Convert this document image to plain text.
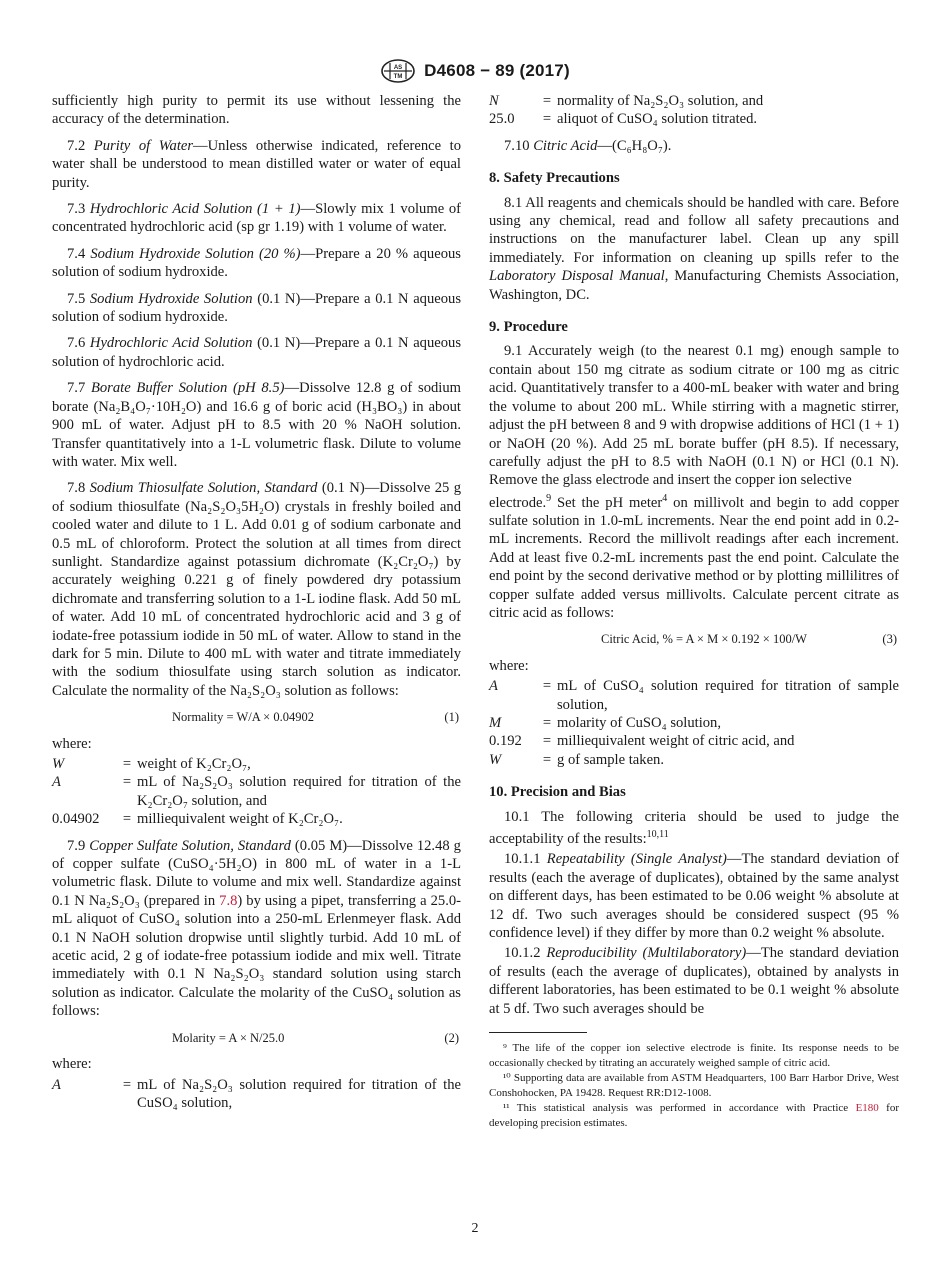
AS
TM D4608 − 89 (2017)

sufficiently high purity to permit its use without lessening the accuracy of the determination.

7.2 Purity of Water—Unless otherwise indicated, reference to water shall be understood to mean distilled water or water of equal purity.

7.3 Hydrochloric Acid Solution (1 + 1)—Slowly mix 1 volume of concentrated hydrochloric acid (sp gr 1.19) with 1 volume of water.

7.4 Sodium Hydroxide Solution (20 %)—Prepare a 20 % aqueous solution of sodium hydroxide.

7.5 Sodium Hydroxide Solution (0.1 N)—Prepare a 0.1 N aqueous solution of sodium hydroxide.

7.6 Hydrochloric Acid Solution (0.1 N)—Prepare a 0.1 N aqueous solution of hydrochloric acid.

7.7 Borate Buffer Solution (pH 8.5)—Dissolve 12.8 g of sodium borate (Na₂B₄O₇·10H₂O) and 16.6 g of boric acid (H₃BO₃) in about 900 mL of water. Adjust pH to 8.5 with 20 % NaOH solution. Transfer quantitatively into a 1-L volumetric flask. Dilute to volume with water. Mix well.

7.8 Sodium Thiosulfate Solution, Standard (0.1 N)—Dissolve 25 g of sodium thiosulfate (Na₂S₂O₃5H₂O) crystals in freshly boiled and cooled water and dilute to 1 L. Add 0.01 g of sodium carbonate and 0.5 mL of chloroform. Protect the solution at all times from direct sunlight. Standardize against potassium dichromate (K₂Cr₂O₇) by accurately weighing 0.221 g of finely powdered dry potassium dichromate and transferring solution to a 1-L iodine flask. Add 50 mL of water. Add 10 mL of concentrated hydrochloric acid and 3 g of iodate-free potassium iodide in 50 mL of water. Allow to stand in the dark for 5 min. Dilute to 400 mL with water and titrate immediately with the sodium thiosulfate using starch solution as indicator. Calculate the normality of the Na₂S₂O₃ solution as follows:

Normality = W/A × 0.04902	(1)
where:
W	=	weight of K₂Cr₂O₇,
A	=	mL of Na₂S₂O₃ solution required for titration of the K₂Cr₂O₇ solution, and
0.04902	=	milliequivalent weight of K₂Cr₂O₇.

7.9 Copper Sulfate Solution, Standard (0.05 M)—Dissolve 12.48 g of copper sulfate (CuSO₄·5H₂O) in 800 mL of water in a 1-L volumetric flask. Dilute to volume and mix well. Standardize against 0.1 N Na₂S₂O₃ (prepared in 7.8) by using a pipet, transferring a 25.0-mL aliquot of CuSO₄ solution into a 250-mL Erlenmeyer flask. Add 0.1 N NaOH solution dropwise until slightly turbid. Add 10 mL of acetic acid, 2 g of iodate-free potassium iodide and mix well. Titrate immediately with 0.1 N Na₂S₂O₃ standard solution using starch solution as indicator. Calculate the molarity of the CuSO₄ solution as follows:

Molarity = A × N/25.0	(2)
where:
A	=	mL of Na₂S₂O₃ solution required for titration of the CuSO₄ solution,
N	=	normality of Na₂S₂O₃ solution, and
25.0	=	aliquot of CuSO₄ solution titrated.

7.10 Citric Acid—(C₆H₈O₇).

8. Safety Precautions

8.1 All reagents and chemicals should be handled with care. Before using any chemical, read and follow all safety precautions and instructions on the manufacturer label. Clean up any spill immediately. For information on cleaning up spills refer to the Laboratory Disposal Manual, Manufacturing Chemists Association, Washington, DC.

9. Procedure

9.1 Accurately weigh (to the nearest 0.1 mg) enough sample to contain about 150 mg citrate as sodium citrate or 100 mg as citric acid. Quantitatively transfer to a 400-mL beaker with water and bring the volume to about 200 mL. While stirring with a magnetic stirrer, adjust the pH between 8 and 9 with dropwise additions of HCl (1 + 1) or NaOH (20 %). Add 25 mL borate buffer (pH 8.5). If necessary, carefully adjust the pH to 8.5 with NaOH (0.1 N) or HCl (0.1 N). Remove the glass electrode and insert the copper ion selective
electrode.$^9$ Set the pH meter$^4$ on millivolt and begin to add copper sulfate solution in 1.0-mL increments. Near the end point add in 0.2-mL increments. Record the millivolt readings after each increment. Add at least five 0.2-mL increments past the end point. Calculate the end point by the second derivative method or by plotting millilitres of copper sulfate added versus millivolts. Calculate percent citrate as citric acid as follows:

Citric Acid, % = A × M × 0.192 × 100/W	(3)
where:
A	=	mL of CuSO₄ solution required for titration of sample solution,
M	=	molarity of CuSO₄ solution,
0.192	=	milliequivalent weight of citric acid, and
W	=	g of sample taken.
10. Precision and Bias

10.1 The following criteria should be used to judge the acceptability of the results:$^{10,11}$

10.1.1 Repeatability (Single Analyst)—The standard deviation of results (each the average of duplicates), obtained by the same analyst on different days, has been estimated to be 0.06 weight % absolute at 12 df. Two such averages should be considered suspect (95 % confidence level) if they differ by more than 0.2 weight % absolute.

10.1.2 Reproducibility (Multilaboratory)—The standard deviation of results (each the average of duplicates), obtained by analysts in different laboratories, has been estimated to be 0.1 weight % absolute at 5 df. Two such averages should be

⁹ The life of the copper ion selective electrode is finite. Its response needs to be occasionally checked by titrating an accurately weighed sample of citric acid.

¹⁰ Supporting data are available from ASTM Headquarters, 100 Barr Harbor Drive, West Conshohocken, PA 19428. Request RR:D12-1008.

¹¹ This statistical analysis was performed in accordance with Practice E180 for developing precision estimates.

2
